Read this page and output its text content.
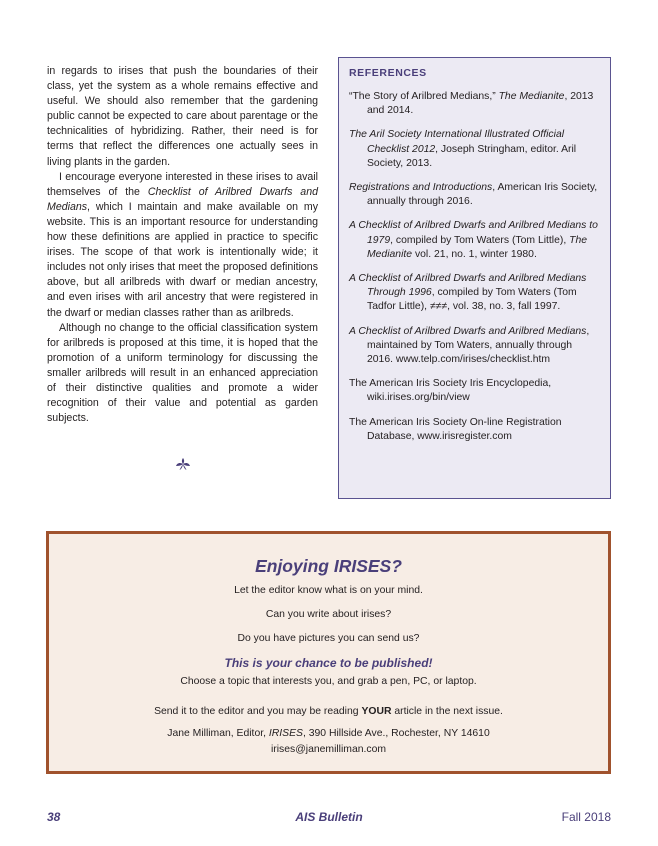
in regards to irises that push the boundaries of their class, yet the system as a whole remains effective and useful. We should also remember that the gardening public cannot be expected to care about parentage or the technicalities of hybridizing. Rather, their need is for terms that reflect the differences one actually sees in living plants in the garden.

I encourage everyone interested in these irises to avail themselves of the Checklist of Arilbred Dwarfs and Medians, which I maintain and make available on my website. This is an important resource for understanding how these definitions are applied in practice to specific irises. The scope of that work is intentionally wide; it includes not only irises that meet the proposed definitions above, but all arilbreds with dwarf or median ancestry, and even irises with aril ancestry that were registered in the dwarf or median classes rather than as arilbreds.

Although no change to the official classification system for arilbreds is proposed at this time, it is hoped that the promotion of a uniform terminology for discussing the smaller arilbreds will result in an enhanced appreciation of their distinctive qualities and promote a wider recognition of their value and potential as garden subjects.

REFERENCES
“The Story of Arilbred Medians,” The Medianite, 2013 and 2014.
The Aril Society International Illustrated Official Checklist 2012, Joseph Stringham, editor. Aril Society, 2013.
Registrations and Introductions, American Iris Society, annually through 2016.
A Checklist of Arilbred Dwarfs and Arilbred Medians to 1979, compiled by Tom Waters (Tom Little), The Medianite vol. 21, no. 1, winter 1980.
A Checklist of Arilbred Dwarfs and Arilbred Medians Through 1996, compiled by Tom Waters (Tom Tadfor Little), ≠≠≠, vol. 38, no. 3, fall 1997.
A Checklist of Arilbred Dwarfs and Arilbred Medians, maintained by Tom Waters, annually through 2016. www.telp.com/irises/checklist.htm
The American Iris Society Iris Encyclopedia, wiki.irises.org/bin/view
The American Iris Society On-line Registration Database, www.irisregister.com
Enjoying IRISES?
Let the editor know what is on your mind.
Can you write about irises?
Do you have pictures you can send us?
This is your chance to be published!
Choose a topic that interests you, and grab a pen, PC, or laptop.
Send it to the editor and you may be reading YOUR article in the next issue.
Jane Milliman, Editor, IRISES, 390 Hillside Ave., Rochester, NY 14610
irises@janemilliman.com
AIS Bulletin
38	Fall 2018
